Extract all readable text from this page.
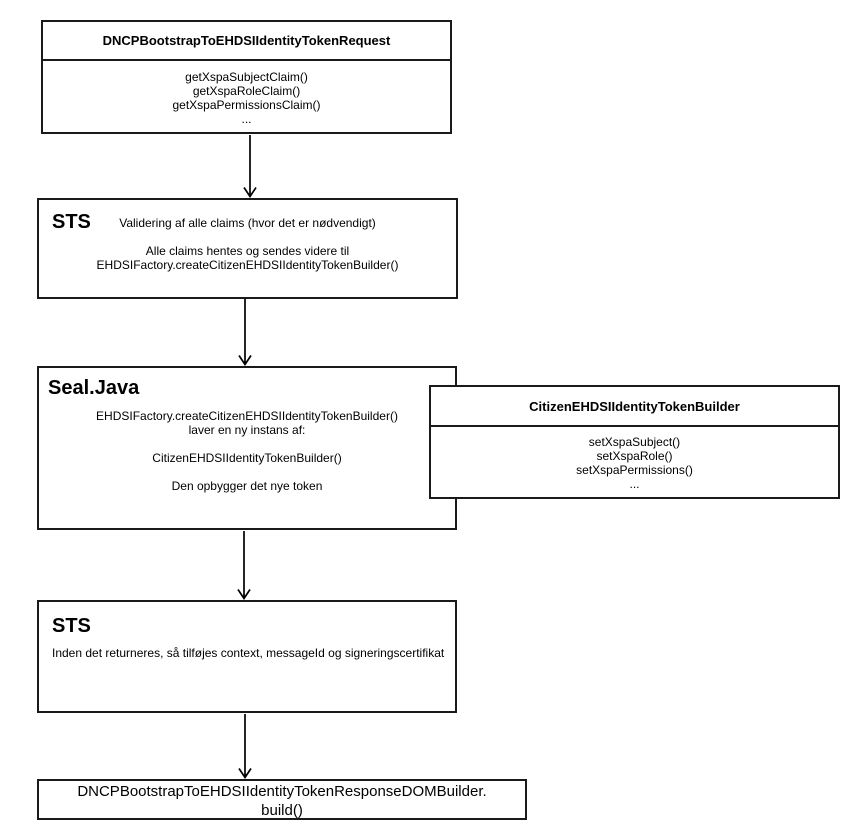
DNCPBootstrapToEHDSIIdentityTokenRequest
getXspaSubjectClaim()
getXspaRoleClaim()
getXspaPermissionsClaim()
...
STS	Validering af alle claims (hvor det er nødvendigt)
Alle claims hentes og sendes videre til
EHDSIFactory.createCitizenEHDSIIdentityTokenBuilder()
Seal.Java
EHDSIFactory.createCitizenEHDSIIdentityTokenBuilder()
laver en ny instans af:
CitizenEHDSIIdentityTokenBuilder()
Den opbygger det nye token
CitizenEHDSIIdentityTokenBuilder
setXspaSubject()
setXspaRole()
setXspaPermissions()
...
STS
Inden det returneres, så tilføjes context, messageId og signeringscertifikat
DNCPBootstrapToEHDSIIdentityTokenResponseDOMBuilder.
build()
